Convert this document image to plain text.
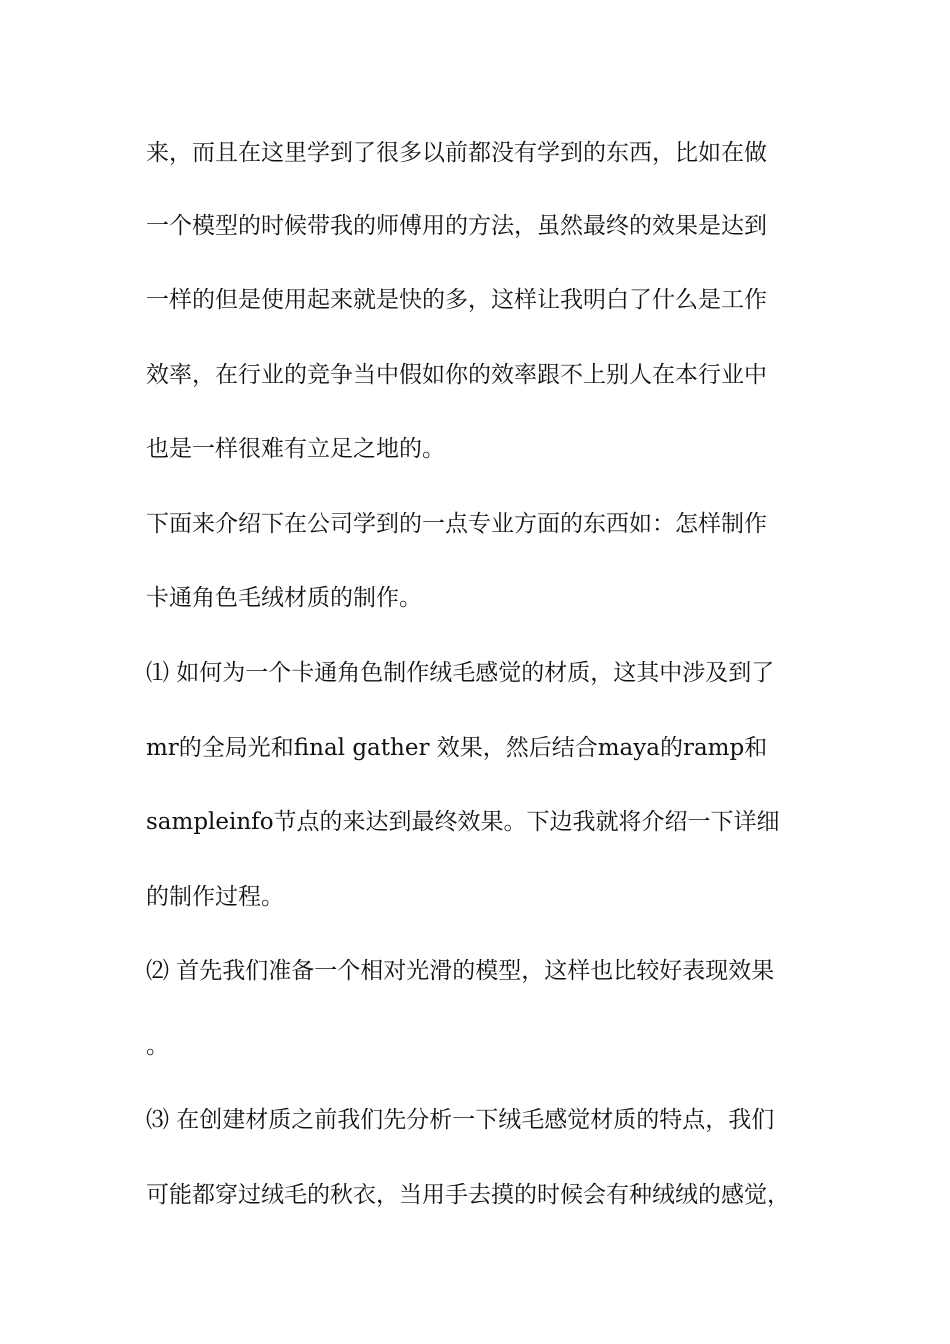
来，而且在这里学到了很多以前都没有学到的东西，比如在做
一个模型的时候带我的师傅用的方法，虽然最终的效果是达到
一样的但是使用起来就是快的多，这样让我明白了什么是工作
效率，在行业的竞争当中假如你的效率跟不上别人在本行业中
也是一样很难有立足之地的。
下面来介绍下在公司学到的一点专业方面的东西如：怎样制作
卡通角色毛绒材质的制作。
⑴ 如何为一个卡通角色制作绒毛感觉的材质，这其中涉及到了
mr的全局光和final gather 效果，然后结合maya的ramp和
sampleinfo节点的来达到最终效果。下边我就将介绍一下详细
的制作过程。
⑵ 首先我们准备一个相对光滑的模型，这样也比较好表现效果
。
⑶ 在创建材质之前我们先分析一下绒毛感觉材质的特点，我们
可能都穿过绒毛的秋衣，当用手去摸的时候会有种绒绒的感觉，
